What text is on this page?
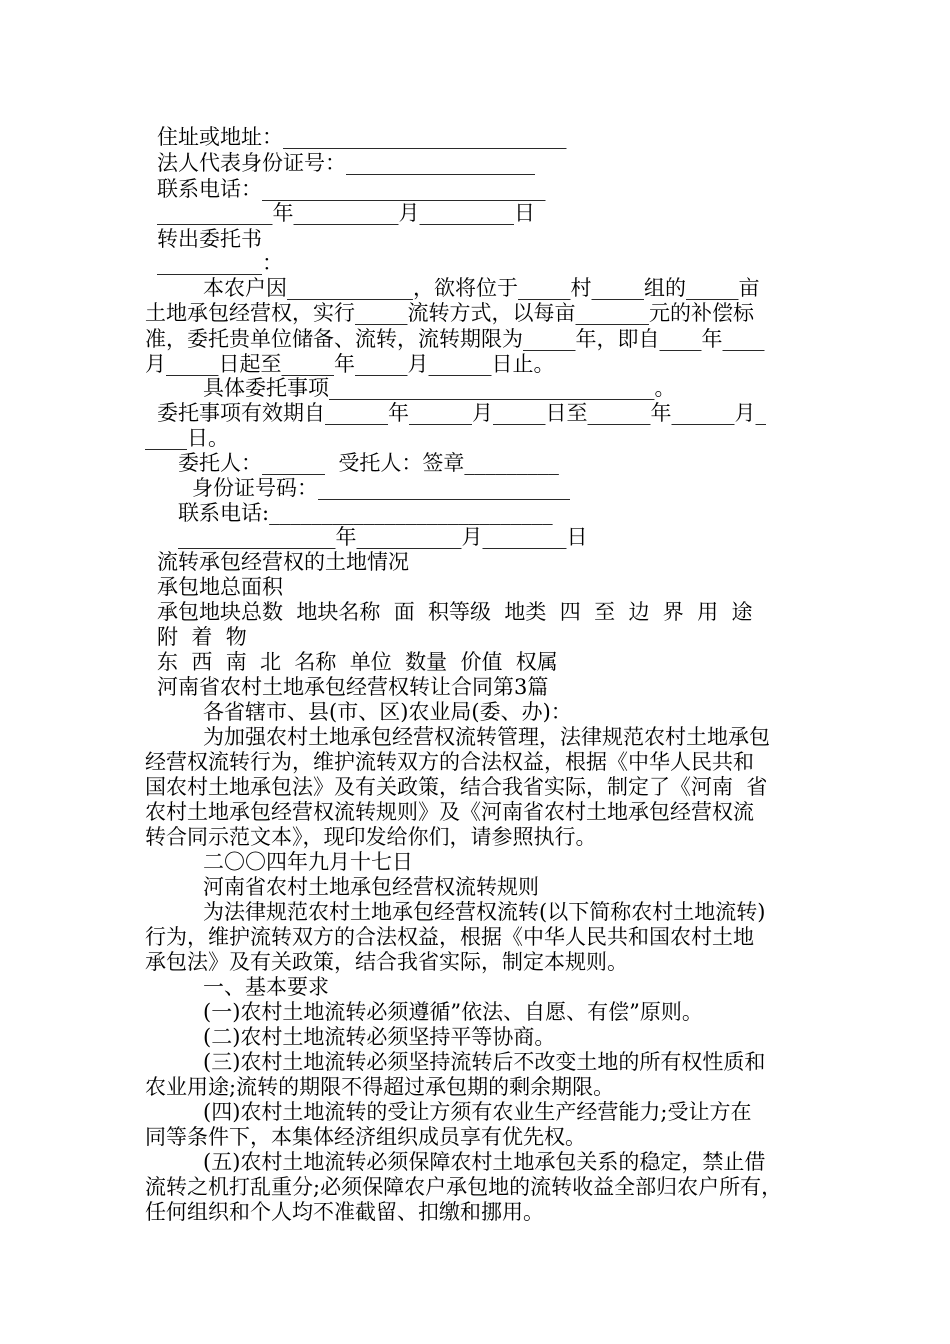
住址或地址：___________________________
法人代表身份证号：__________________
联系电话：___________________________
___________年__________月_________日
转出委托书
__________：
本农户因____________，欲将位于_____村_____组的_____亩
土地承包经营权，实行_____流转方式，以每亩_______元的补偿标
准，委托贵单位储备、流转，流转期限为_____年，即自____年____
月_____日起至_____年_____月______日止。
具体委托事项_______________________________。
委托事项有效期自______年______月_____日至______年______月_
____日。
委托人：______  受托人：签章_________
身份证号码：________________________
联系电话:___________________________
_______________年__________月________日
流转承包经营权的土地情况
承包地总面积
承包地块总数  地块名称  面  积等级  地类  四  至  边  界  用  途
附  着  物
东  西  南  北  名称  单位  数量  价值  权属
河南省农村土地承包经营权转让合同第3篇
各省辖市、县(市、区)农业局(委、办)：
为加强农村土地承包经营权流转管理，法律规范农村土地承包
经营权流转行为，维护流转双方的合法权益，根据《中华人民共和
国农村土地承包法》及有关政策，结合我省实际，制定了《河南  省
农村土地承包经营权流转规则》及《河南省农村土地承包经营权流
转合同示范文本》，现印发给你们，请参照执行。
二〇〇四年九月十七日
河南省农村土地承包经营权流转规则
为法律规范农村土地承包经营权流转(以下简称农村土地流转)
行为，维护流转双方的合法权益，根据《中华人民共和国农村土地
承包法》及有关政策，结合我省实际，制定本规则。
一、基本要求
(一)农村土地流转必须遵循”依法、自愿、有偿”原则。
(二)农村土地流转必须坚持平等协商。
(三)农村土地流转必须坚持流转后不改变土地的所有权性质和
农业用途;流转的期限不得超过承包期的剩余期限。
(四)农村土地流转的受让方须有农业生产经营能力;受让方在
同等条件下，本集体经济组织成员享有优先权。
(五)农村土地流转必须保障农村土地承包关系的稳定，禁止借
流转之机打乱重分;必须保障农户承包地的流转收益全部归农户所有，
任何组织和个人均不准截留、扣缴和挪用。
